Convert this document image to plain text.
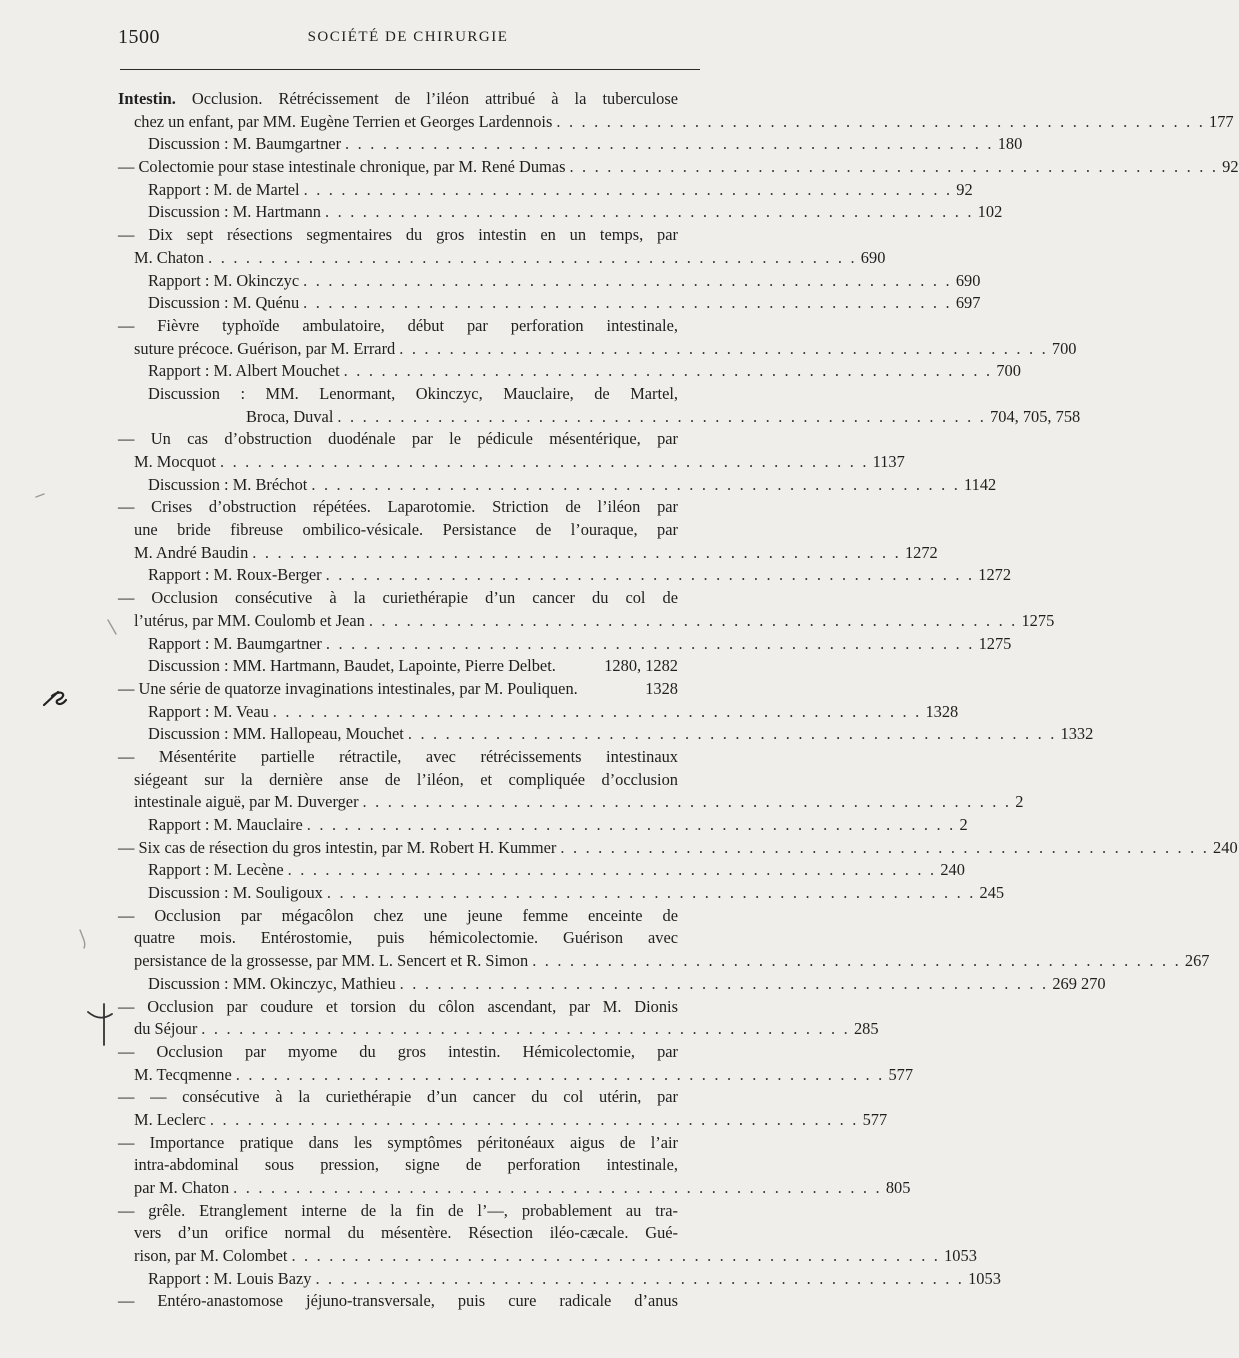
1500	SOCIÉTÉ DE CHIRURGIE
Intestin. Occlusion. Rétrécissement de l’iléon attribué à la tuberculose
chez un enfant, par MM. Eugène Terrien et Georges Lardennois . . . . . . . . . . . . . . . . . . . . . . . . . . . . . . . . . . . . . . . . . . . . . . . . . . . . 177
Discussion : M. Baumgartner . . . . . . . . . . . . . . . . . . . . . . . . . . . . . . . . . . . . . . . . . . . . . . . . . . . . 180
— Colectomie pour stase intestinale chronique, par M. René Dumas . . . . . . . . . . . . . . . . . . . . . . . . . . . . . . . . . . . . . . . . . . . . . . . . . . . . 92
Rapport : M. de Martel . . . . . . . . . . . . . . . . . . . . . . . . . . . . . . . . . . . . . . . . . . . . . . . . . . . . 92
Discussion : M. Hartmann . . . . . . . . . . . . . . . . . . . . . . . . . . . . . . . . . . . . . . . . . . . . . . . . . . . . 102
— Dix sept résections segmentaires du gros intestin en un temps, par
M. Chaton . . . . . . . . . . . . . . . . . . . . . . . . . . . . . . . . . . . . . . . . . . . . . . . . . . . . 690
Rapport : M. Okinczyc . . . . . . . . . . . . . . . . . . . . . . . . . . . . . . . . . . . . . . . . . . . . . . . . . . . . 690
Discussion : M. Quénu . . . . . . . . . . . . . . . . . . . . . . . . . . . . . . . . . . . . . . . . . . . . . . . . . . . . 697
— Fièvre typhoïde ambulatoire, début par perforation intestinale,
suture précoce. Guérison, par M. Errard . . . . . . . . . . . . . . . . . . . . . . . . . . . . . . . . . . . . . . . . . . . . . . . . . . . . 700
Rapport : M. Albert Mouchet . . . . . . . . . . . . . . . . . . . . . . . . . . . . . . . . . . . . . . . . . . . . . . . . . . . . 700
Discussion : MM. Lenormant, Okinczyc, Mauclaire, de Martel,
Broca, Duval . . . . . . . . . . . . . . . . . . . . . . . . . . . . . . . . . . . . . . . . . . . . . . . . . . . . 704, 705, 758
— Un cas d’obstruction duodénale par le pédicule mésentérique, par
M. Mocquot . . . . . . . . . . . . . . . . . . . . . . . . . . . . . . . . . . . . . . . . . . . . . . . . . . . . 1137
Discussion : M. Bréchot . . . . . . . . . . . . . . . . . . . . . . . . . . . . . . . . . . . . . . . . . . . . . . . . . . . . 1142
— Crises d’obstruction répétées. Laparotomie. Striction de l’iléon par
une bride fibreuse ombilico-vésicale. Persistance de l’ouraque, par
M. André Baudin . . . . . . . . . . . . . . . . . . . . . . . . . . . . . . . . . . . . . . . . . . . . . . . . . . . . 1272
Rapport : M. Roux-Berger . . . . . . . . . . . . . . . . . . . . . . . . . . . . . . . . . . . . . . . . . . . . . . . . . . . . 1272
— Occlusion consécutive à la curiethérapie d’un cancer du col de
l’utérus, par MM. Coulomb et Jean . . . . . . . . . . . . . . . . . . . . . . . . . . . . . . . . . . . . . . . . . . . . . . . . . . . . 1275
Rapport : M. Baumgartner . . . . . . . . . . . . . . . . . . . . . . . . . . . . . . . . . . . . . . . . . . . . . . . . . . . . 1275
Discussion : MM. Hartmann, Baudet, Lapointe, Pierre Delbet.	1280, 1282
— Une série de quatorze invaginations intestinales, par M. Pouliquen.	1328
Rapport : M. Veau . . . . . . . . . . . . . . . . . . . . . . . . . . . . . . . . . . . . . . . . . . . . . . . . . . . . 1328
Discussion : MM. Hallopeau, Mouchet . . . . . . . . . . . . . . . . . . . . . . . . . . . . . . . . . . . . . . . . . . . . . . . . . . . . 1332
— Mésentérite partielle rétractile, avec rétrécissements intestinaux
siégeant sur la dernière anse de l’iléon, et compliquée d’occlusion
intestinale aiguë, par M. Duverger . . . . . . . . . . . . . . . . . . . . . . . . . . . . . . . . . . . . . . . . . . . . . . . . . . . . 2
Rapport : M. Mauclaire . . . . . . . . . . . . . . . . . . . . . . . . . . . . . . . . . . . . . . . . . . . . . . . . . . . . 2
— Six cas de résection du gros intestin, par M. Robert H. Kummer . . . . . . . . . . . . . . . . . . . . . . . . . . . . . . . . . . . . . . . . . . . . . . . . . . . . 240
Rapport : M. Lecène . . . . . . . . . . . . . . . . . . . . . . . . . . . . . . . . . . . . . . . . . . . . . . . . . . . . 240
Discussion : M. Souligoux . . . . . . . . . . . . . . . . . . . . . . . . . . . . . . . . . . . . . . . . . . . . . . . . . . . . 245
— Occlusion par mégacôlon chez une jeune femme enceinte de
quatre mois. Entérostomie, puis hémicolectomie. Guérison avec
persistance de la grossesse, par MM. L. Sencert et R. Simon . . . . . . . . . . . . . . . . . . . . . . . . . . . . . . . . . . . . . . . . . . . . . . . . . . . . 267
Discussion : MM. Okinczyc, Mathieu . . . . . . . . . . . . . . . . . . . . . . . . . . . . . . . . . . . . . . . . . . . . . . . . . . . . 269 270
— Occlusion par coudure et torsion du côlon ascendant, par M. Dionis
du Séjour . . . . . . . . . . . . . . . . . . . . . . . . . . . . . . . . . . . . . . . . . . . . . . . . . . . . 285
— Occlusion par myome du gros intestin. Hémicolectomie, par
M. Tecqmenne . . . . . . . . . . . . . . . . . . . . . . . . . . . . . . . . . . . . . . . . . . . . . . . . . . . . 577
— — consécutive à la curiethérapie d’un cancer du col utérin, par
M. Leclerc . . . . . . . . . . . . . . . . . . . . . . . . . . . . . . . . . . . . . . . . . . . . . . . . . . . . 577
— Importance pratique dans les symptômes péritonéaux aigus de l’air
intra-abdominal sous pression, signe de perforation intestinale,
par M. Chaton . . . . . . . . . . . . . . . . . . . . . . . . . . . . . . . . . . . . . . . . . . . . . . . . . . . . 805
— grêle. Etranglement interne de la fin de l’—, probablement au tra-
vers d’un orifice normal du mésentère. Résection iléo-cæcale. Gué-
rison, par M. Colombet . . . . . . . . . . . . . . . . . . . . . . . . . . . . . . . . . . . . . . . . . . . . . . . . . . . . 1053
Rapport : M. Louis Bazy . . . . . . . . . . . . . . . . . . . . . . . . . . . . . . . . . . . . . . . . . . . . . . . . . . . . 1053
— Entéro-anastomose jéjuno-transversale, puis cure radicale d’anus
